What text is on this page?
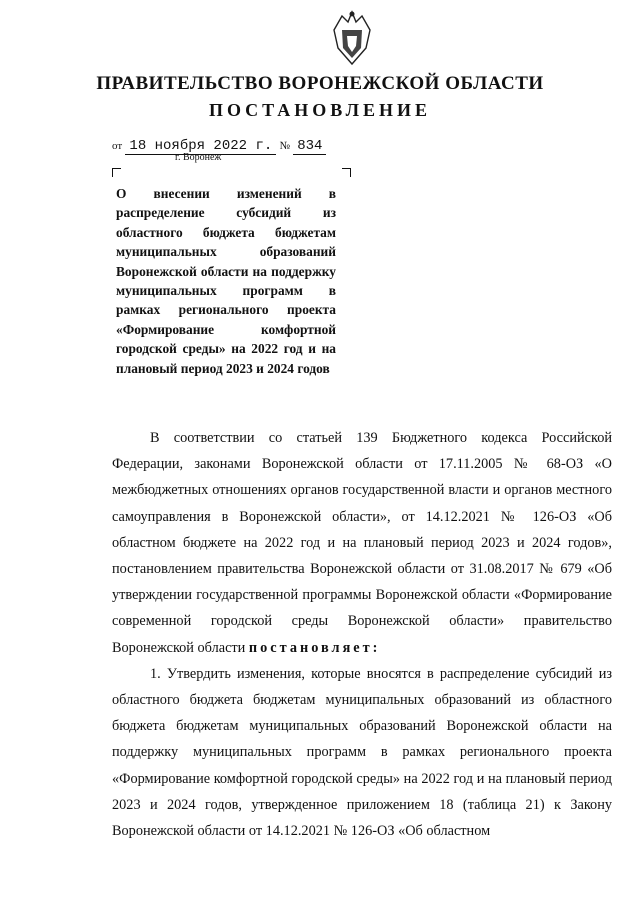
ПРАВИТЕЛЬСТВО ВОРОНЕЖСКОЙ ОБЛАСТИ
ПОСТАНОВЛЕНИЕ
от 18 ноября 2022 г. № 834
г. Воронеж
О внесении изменений в распределение субсидий из областного бюджета бюджетам муниципальных образований Воронежской области на поддержку муниципальных программ в рамках регионального проекта «Формирование комфортной городской среды» на 2022 год и на плановый период 2023 и 2024 годов

В соответствии со статьей 139 Бюджетного кодекса Российской Федерации, законами Воронежской области от 17.11.2005 № 68-ОЗ «О межбюджетных отношениях органов государственной власти и органов местного самоуправления в Воронежской области», от 14.12.2021 № 126-ОЗ «Об областном бюджете на 2022 год и на плановый период 2023 и 2024 годов», постановлением правительства Воронежской области от 31.08.2017 № 679 «Об утверждении государственной программы Воронежской области «Формирование современной городской среды Воронежской области» правительство Воронежской области постановляет:

1. Утвердить изменения, которые вносятся в распределение субсидий из областного бюджета бюджетам муниципальных образований из областного бюджета бюджетам муниципальных образований Воронежской области на поддержку муниципальных программ в рамках регионального проекта «Формирование комфортной городской среды» на 2022 год и на плановый период 2023 и 2024 годов, утвержденное приложением 18 (таблица 21) к Закону Воронежской области от 14.12.2021 № 126-ОЗ «Об областном
